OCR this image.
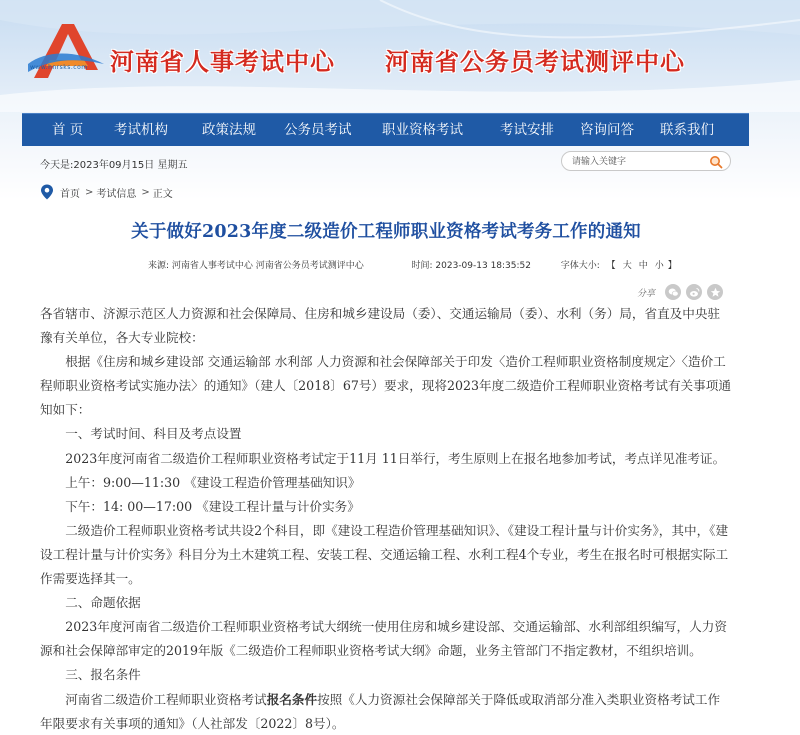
www.hnrsks.com 河南省人事考试中心 河南省公务员考试测评中心
首 页 考试机构	政策法规 公务员考试 职业资格考试	考试安排 咨询问答 联系我们
今天是:2023年09月15日 星期五
请输入关键字
首页 > 考试信息 > 正文
关于做好2023年度二级造价工程师职业资格考试考务工作的通知
来源: 河南省人事考试中心 河南省公务员考试测评中心	时间: 2023-09-13 18:35:52	字体大小: 【 大 中 小 】
分享

各省辖市、济源示范区人力资源和社会保障局、住房和城乡建设局（委）、交通运输局（委）、水利（务）局，省直及中央驻豫有关单位，各大专业院校：

根据《住房和城乡建设部 交通运输部 水利部 人力资源和社会保障部关于印发〈造价工程师职业资格制度规定〉〈造价工程师职业资格考试实施办法〉的通知》（建人〔2018〕67号）要求，现将2023年度二级造价工程师职业资格考试有关事项通知如下：

一、考试时间、科目及考点设置

2023年度河南省二级造价工程师职业资格考试定于11月 11日举行，考生原则上在报名地参加考试，考点详见准考证。

上午：9:00—11:30 《建设工程造价管理基础知识》

下午：14: 00—17:00 《建设工程计量与计价实务》

二级造价工程师职业资格考试共设2个科目，即《建设工程造价管理基础知识》、《建设工程计量与计价实务》，其中，《建设工程计量与计价实务》科目分为土木建筑工程、安装工程、交通运输工程、水利工程4个专业，考生在报名时可根据实际工作需要选择其一。

二、命题依据

2023年度河南省二级造价工程师职业资格考试大纲统一使用住房和城乡建设部、交通运输部、水利部组织编写，人力资源和社会保障部审定的2019年版《二级造价工程师职业资格考试大纲》命题，业务主管部门不指定教材，不组织培训。

三、报名条件

河南省二级造价工程师职业资格考试报名条件按照《人力资源社会保障部关于降低或取消部分准入类职业资格考试工作年限要求有关事项的通知》（人社部发〔2022〕8号）。
